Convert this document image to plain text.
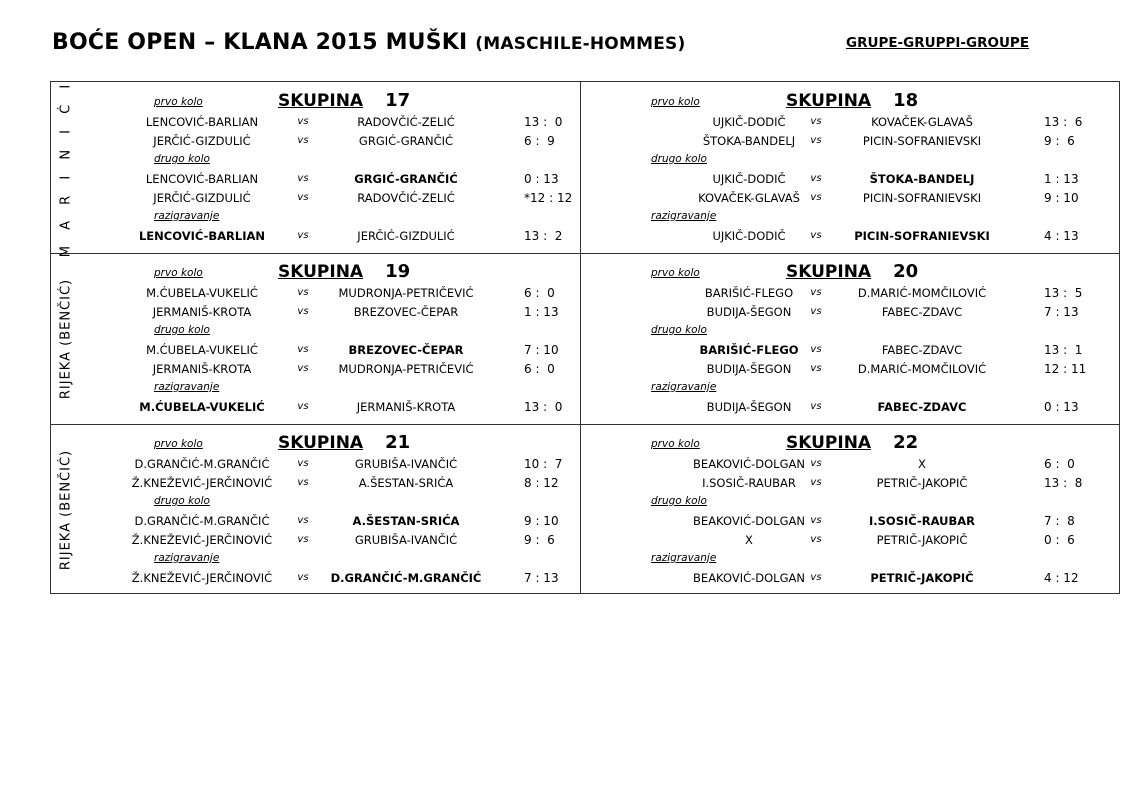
BOĆE OPEN – KLANA 2015 MUŠKI (MASCHILE-HOMMES)	GRUPE-GRUPPI-GROUPE
M A R I N I Ć I
RIJEKA (BENČIĆ)
RIJEKA (BENČIĆ)
SKUPINA 17
prvo kolo
LENCOVIĆ-BARLIAN	vs	RADOVČIĆ-ZELIĆ	13 :  0
JERČIĆ-GIZDULIĆ	vs	GRGIĆ-GRANČIĆ	6 :  9
drugo kolo
LENCOVIĆ-BARLIAN	vs	GRGIĆ-GRANČIĆ	0 : 13
JERČIĆ-GIZDULIĆ	vs	RADOVČIĆ-ZELIĆ	*12 : 12
razigravanje
LENCOVIĆ-BARLIAN	vs	JERČIĆ-GIZDULIĆ	13 :  2
SKUPINA 18
prvo kolo
UJKIČ-DODIČ vs	KOVAČEK-GLAVAŠ	13 :  6
ŠTOKA-BANDELJ vs	PICIN-SOFRANIEVSKI	9 :  6
drugo kolo
UJKIČ-DODIČ vs	ŠTOKA-BANDELJ	1 : 13
KOVAČEK-GLAVAŠ vs	PICIN-SOFRANIEVSKI	9 : 10
razigravanje
UJKIČ-DODIČ vs	PICIN-SOFRANIEVSKI	4 : 13
SKUPINA 19
prvo kolo
M.ĆUBELA-VUKELIĆ	vs	MUDRONJA-PETRIČEVIĆ	6 :  0
JERMANIŠ-KROTA	vs	BREZOVEC-ČEPAR	1 : 13
drugo kolo
M.ĆUBELA-VUKELIĆ	vs	BREZOVEC-ČEPAR	7 : 10
JERMANIŠ-KROTA	vs	MUDRONJA-PETRIČEVIĆ	6 :  0
razigravanje
M.ĆUBELA-VUKELIĆ	vs	JERMANIŠ-KROTA	13 :  0
SKUPINA 20
prvo kolo
BARIŠIĆ-FLEGO vs	D.MARIĆ-MOMČILOVIĆ	13 :  5
BUDIJA-ŠEGON vs	FABEC-ZDAVC	7 : 13
drugo kolo
BARIŠIĆ-FLEGO vs	FABEC-ZDAVC	13 :  1
BUDIJA-ŠEGON vs	D.MARIĆ-MOMČILOVIĆ	12 : 11
razigravanje
BUDIJA-ŠEGON vs	FABEC-ZDAVC	0 : 13
SKUPINA 21
prvo kolo
D.GRANČIĆ-M.GRANČIĆ	vs	GRUBIŠA-IVANČIĆ	10 :  7
Ž.KNEŽEVIĆ-JERČINOVIĆ	vs	A.ŠESTAN-SRIĆA	8 : 12
drugo kolo
D.GRANČIĆ-M.GRANČIĆ	vs	A.ŠESTAN-SRIĆA	9 : 10
Ž.KNEŽEVIĆ-JERČINOVIĆ	vs	GRUBIŠA-IVANČIĆ	9 :  6
razigravanje
Ž.KNEŽEVIĆ-JERČINOVIĆ	vs D.GRANČIĆ-M.GRANČIĆ	7 : 13
SKUPINA 22
prvo kolo
BEAKOVIĆ-DOLGAN vs	X	6 :  0
I.SOSIČ-RAUBAR vs	PETRIČ-JAKOPIČ	13 :  8
drugo kolo
BEAKOVIĆ-DOLGAN vs	I.SOSIČ-RAUBAR	7 :  8
X	vs	PETRIČ-JAKOPIČ	0 :  6
razigravanje
BEAKOVIĆ-DOLGAN vs	PETRIČ-JAKOPIČ	4 : 12
